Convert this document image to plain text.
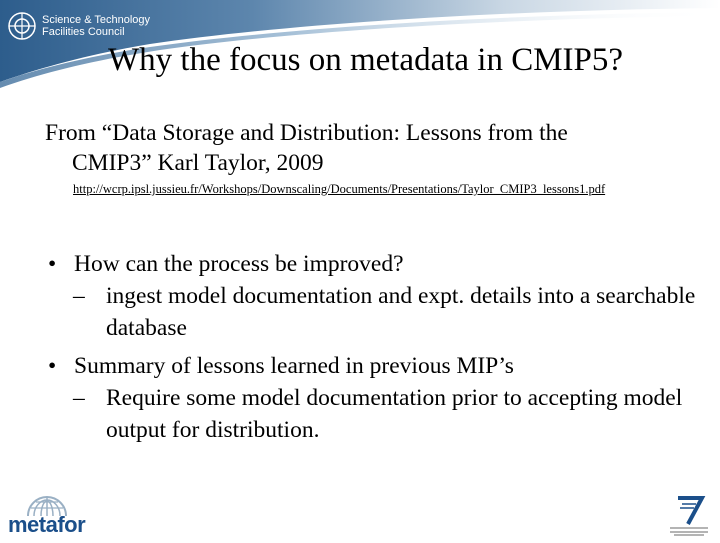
Science & Technology
Facilities Council
Why the focus on metadata in CMIP5?
From “Data Storage and Distribution: Lessons from the
CMIP3” Karl Taylor, 2009
http://wcrp.ipsl.jussieu.fr/Workshops/Downscaling/Documents/Presentations/Taylor_CMIP3_lessons1.pdf
• How can the process be improved?
– ingest model documentation and expt. details into a searchable database
• Summary of lessons learned in previous MIP’s
– Require some model documentation prior to accepting model output for distribution.
metafor
